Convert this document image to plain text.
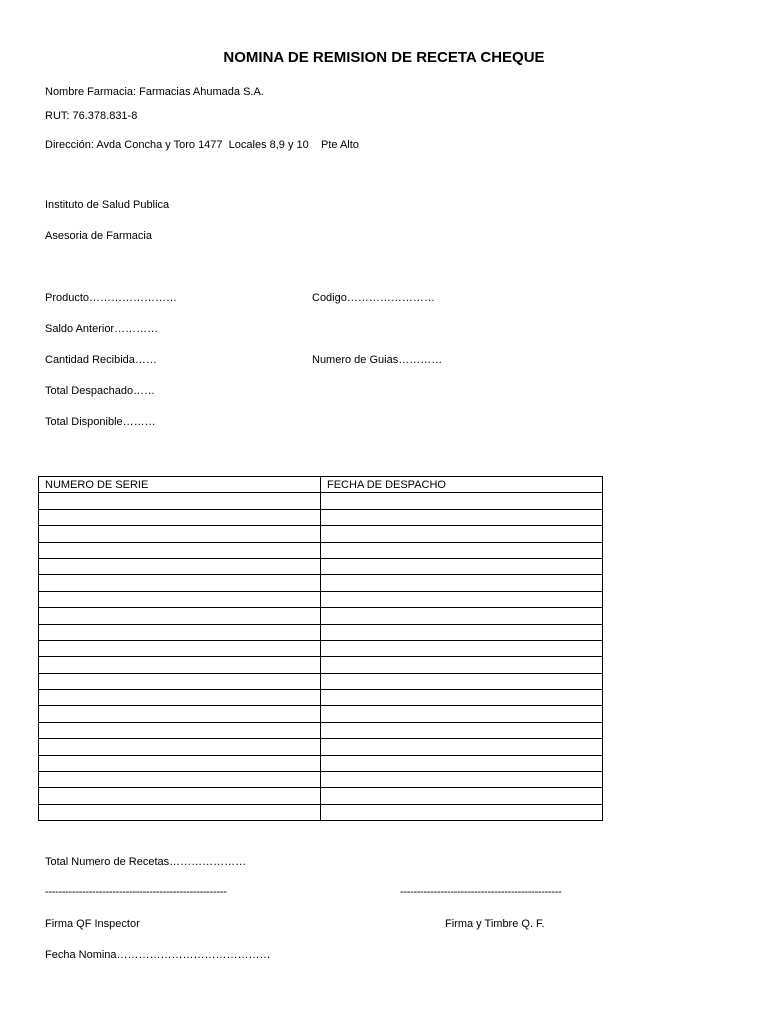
NOMINA DE REMISION DE RECETA CHEQUE
Nombre Farmacia: Farmacias Ahumada S.A.
RUT: 76.378.831-8
Dirección: Avda Concha y Toro 1477  Locales 8,9 y 10    Pte Alto
Instituto de Salud Publica
Asesoria de Farmacia
Producto……………………	Codigo……………………
Saldo Anterior…………
Cantidad Recibida……	Numero de Guias…………
Total Despachado……
Total Disponible………
NUMERO DE SERIE	FECHA DE DESPACHO

Total Numero de Recetas…………………
------------------------------------------------------	------------------------------------------------
Firma QF Inspector	Firma y Timbre Q. F.
Fecha Nomina……………………………………
